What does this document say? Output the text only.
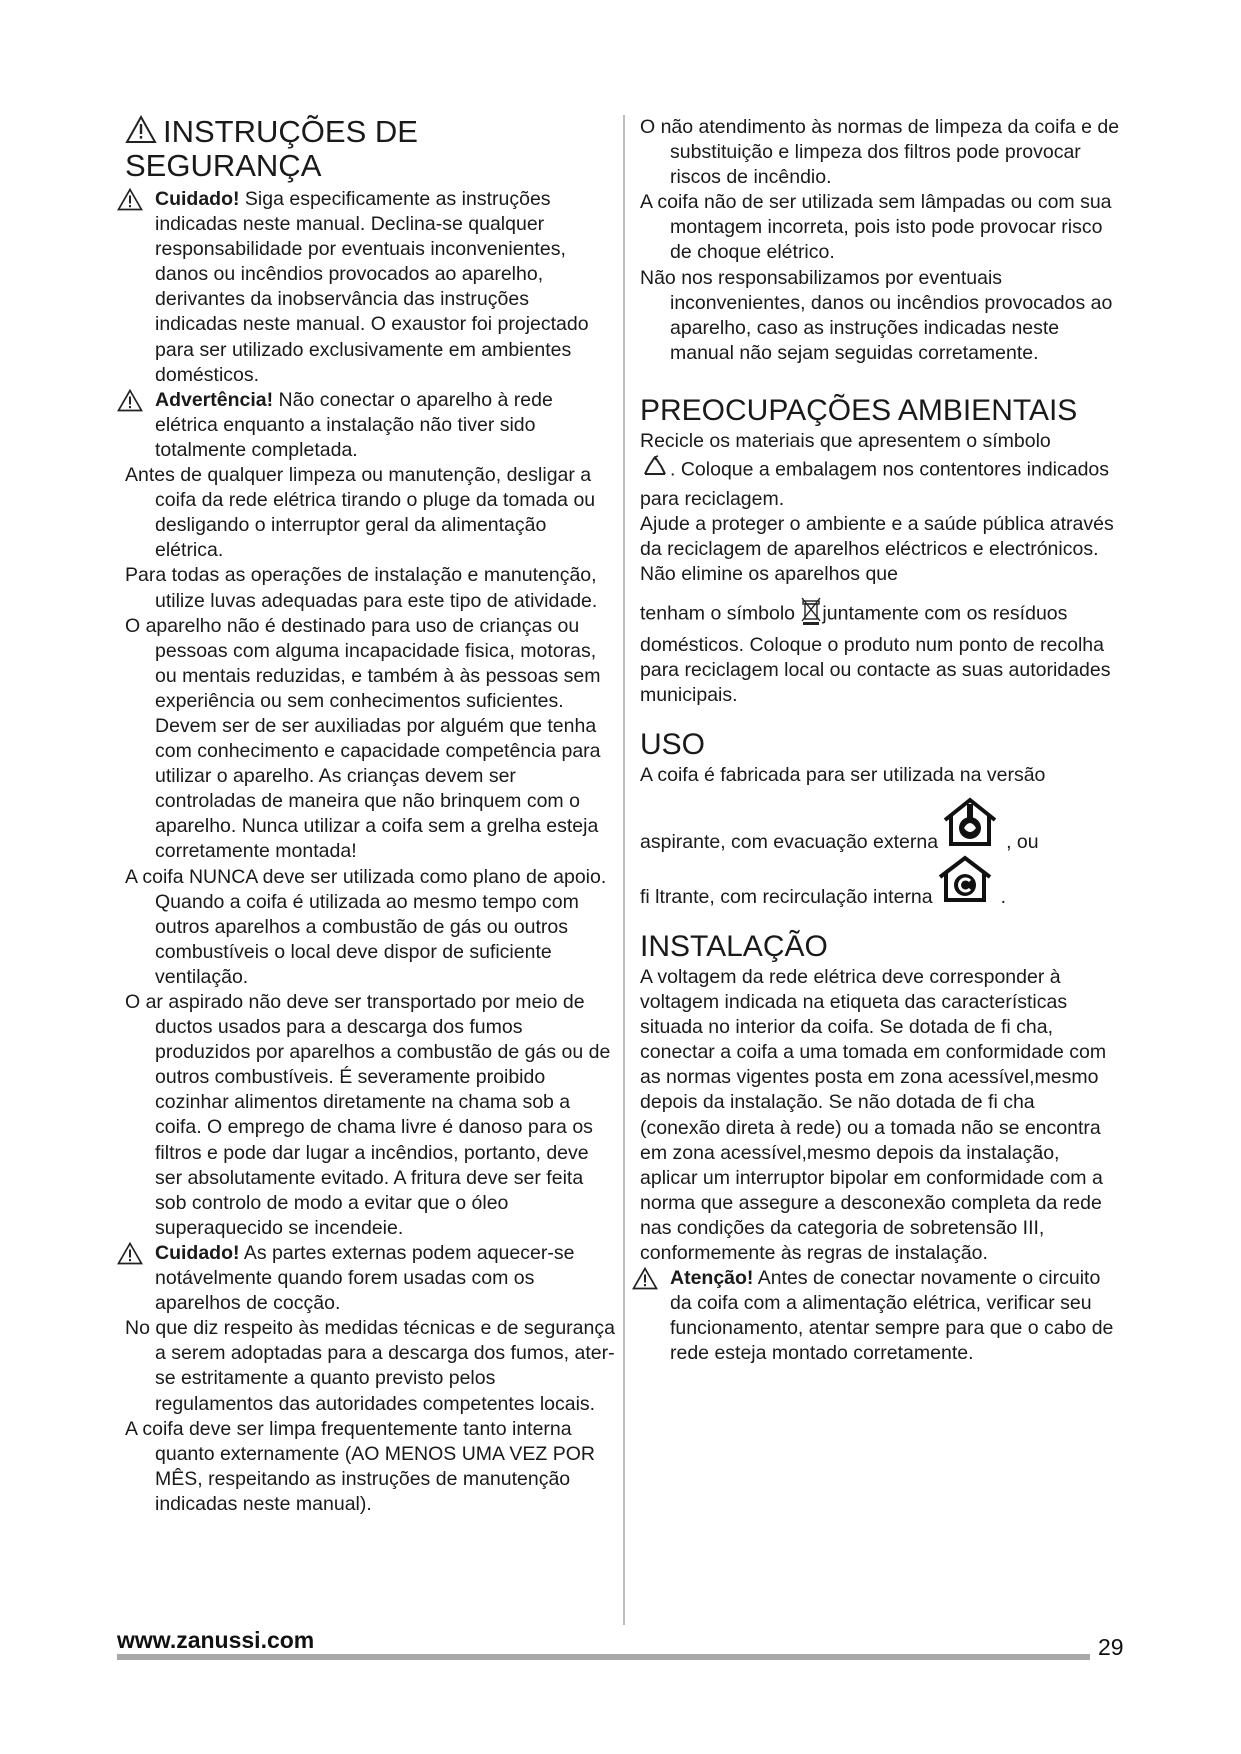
INSTRUÇÕES DE SEGURANÇA
Cuidado! Siga especificamente as instruções indicadas neste manual. Declina-se qualquer responsabilidade por eventuais inconvenientes, danos ou incêndios provocados ao aparelho, derivantes da inobservância das instruções indicadas neste manual. O exaustor foi projectado para ser utilizado exclusivamente em ambientes domésticos.
Advertência! Não conectar o aparelho à rede elétrica enquanto a instalação não tiver sido totalmente completada.

Antes de qualquer limpeza ou manutenção, desligar a coifa da rede elétrica tirando o pluge da tomada ou desligando o interruptor geral da alimentação elétrica.

Para todas as operações de instalação e manutenção, utilize luvas adequadas para este tipo de atividade.

O aparelho não é destinado para uso de crianças ou pessoas com alguma incapacidade fisica, motoras, ou mentais reduzidas, e também à às pessoas sem experiência ou sem conhecimentos suficientes. Devem ser de ser auxiliadas por alguém que tenha com conhecimento e capacidade competência para utilizar o aparelho. As crianças devem ser controladas de maneira que não brinquem com o aparelho. Nunca utilizar a coifa sem a grelha esteja corretamente montada!

A coifa NUNCA deve ser utilizada como plano de apoio. Quando a coifa é utilizada ao mesmo tempo com outros aparelhos a combustão de gás ou outros combustíveis o local deve dispor de suficiente ventilação.

O ar aspirado não deve ser transportado por meio de ductos usados para a descarga dos fumos produzidos por aparelhos a combustão de gás ou de outros combustíveis. É severamente proibido cozinhar alimentos diretamente na chama sob a coifa. O emprego de chama livre é danoso para os filtros e pode dar lugar a incêndios, portanto, deve ser absolutamente evitado. A fritura deve ser feita sob controlo de modo a evitar que o óleo superaquecido se incendeie.

Cuidado! As partes externas podem aquecer-se notávelmente quando forem usadas com os aparelhos de cocção.

No que diz respeito às medidas técnicas e de segurança a serem adoptadas para a descarga dos fumos, ater-se estritamente a quanto previsto pelos regulamentos das autoridades competentes locais.

A coifa deve ser limpa frequentemente tanto interna quanto externamente (AO MENOS UMA VEZ POR MÊS, respeitando as instruções de manutenção indicadas neste manual).

O não atendimento às normas de limpeza da coifa e de substituição e limpeza dos filtros pode provocar riscos de incêndio.

A coifa não de ser utilizada sem lâmpadas ou com sua montagem incorreta, pois isto pode provocar risco de choque elétrico.

Não nos responsabilizamos por eventuais inconvenientes, danos ou incêndios provocados ao aparelho, caso as instruções indicadas neste manual não sejam seguidas corretamente.

PREOCUPAÇÕES AMBIENTAIS

Recicle os materiais que apresentem o símbolo

. Coloque a embalagem nos contentores indicados para reciclagem.

Ajude a proteger o ambiente e a saúde pública através da reciclagem de aparelhos eléctricos e electrónicos. Não elimine os aparelhos que

tenham o símbolo juntamente com os resíduos domésticos. Coloque o produto num ponto de recolha para reciclagem local ou contacte as suas autoridades municipais.

USO

A coifa é fabricada para ser utilizada na versão

aspirante, com evacuação externa	, ou

fi ltrante, com recirculação interna	.

INSTALAÇÃO

A voltagem da rede elétrica deve corresponder à voltagem indicada na etiqueta das características situada no interior da coifa. Se dotada de fi cha, conectar a coifa a uma tomada em conformidade com as normas vigentes posta em zona acessível,mesmo depois da instalação. Se não dotada de fi cha (conexão direta à rede) ou a tomada não se encontra em zona acessível,mesmo depois da instalação, aplicar um interruptor bipolar em conformidade com a norma que assegure a desconexão completa da rede nas condições da categoria de sobretensão III, conformemente às regras de instalação.

Atenção! Antes de conectar novamente o circuito da coifa com a alimentação elétrica, verificar seu funcionamento, atentar sempre para que o cabo de rede esteja montado corretamente.
www.zanussi.com	29
